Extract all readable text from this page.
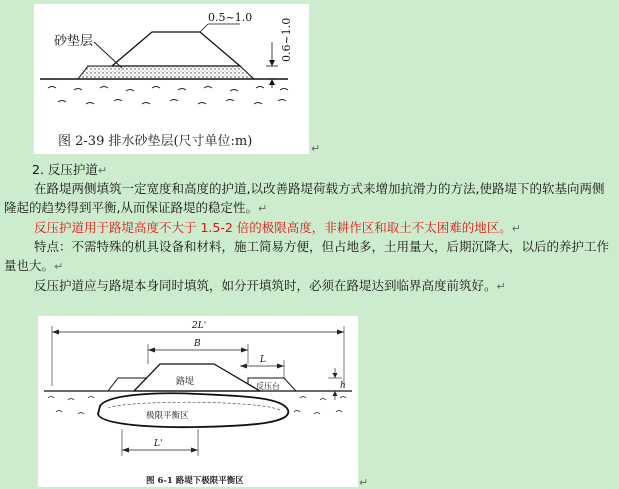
砂垫层
0.5~1.0
0.6~1.0
图 2-39 排水砂垫层(尺寸单位:m)	↵
2. 反压护道↵
在路堤两侧填筑一定宽度和高度的护道,以改善路堤荷载方式来增加抗滑力的方法,使路堤下的软基向两侧隆起的趋势得到平衡,从而保证路堤的稳定性。↵
反压护道用于路堤高度不大于 1.5-2 倍的极限高度，非耕作区和取土不太困难的地区。↵
特点：不需特殊的机具设备和材料，施工简易方便，但占地多，土用量大，后期沉降大，以后的养护工作量也大。↵
反压护道应与路堤本身同时填筑，如分开填筑时，必须在路堤达到临界高度前筑好。↵
2L'
B
L
h
路堤	反压台
极限平衡区
L'
图 6-1 路堤下极限平衡区	↵
